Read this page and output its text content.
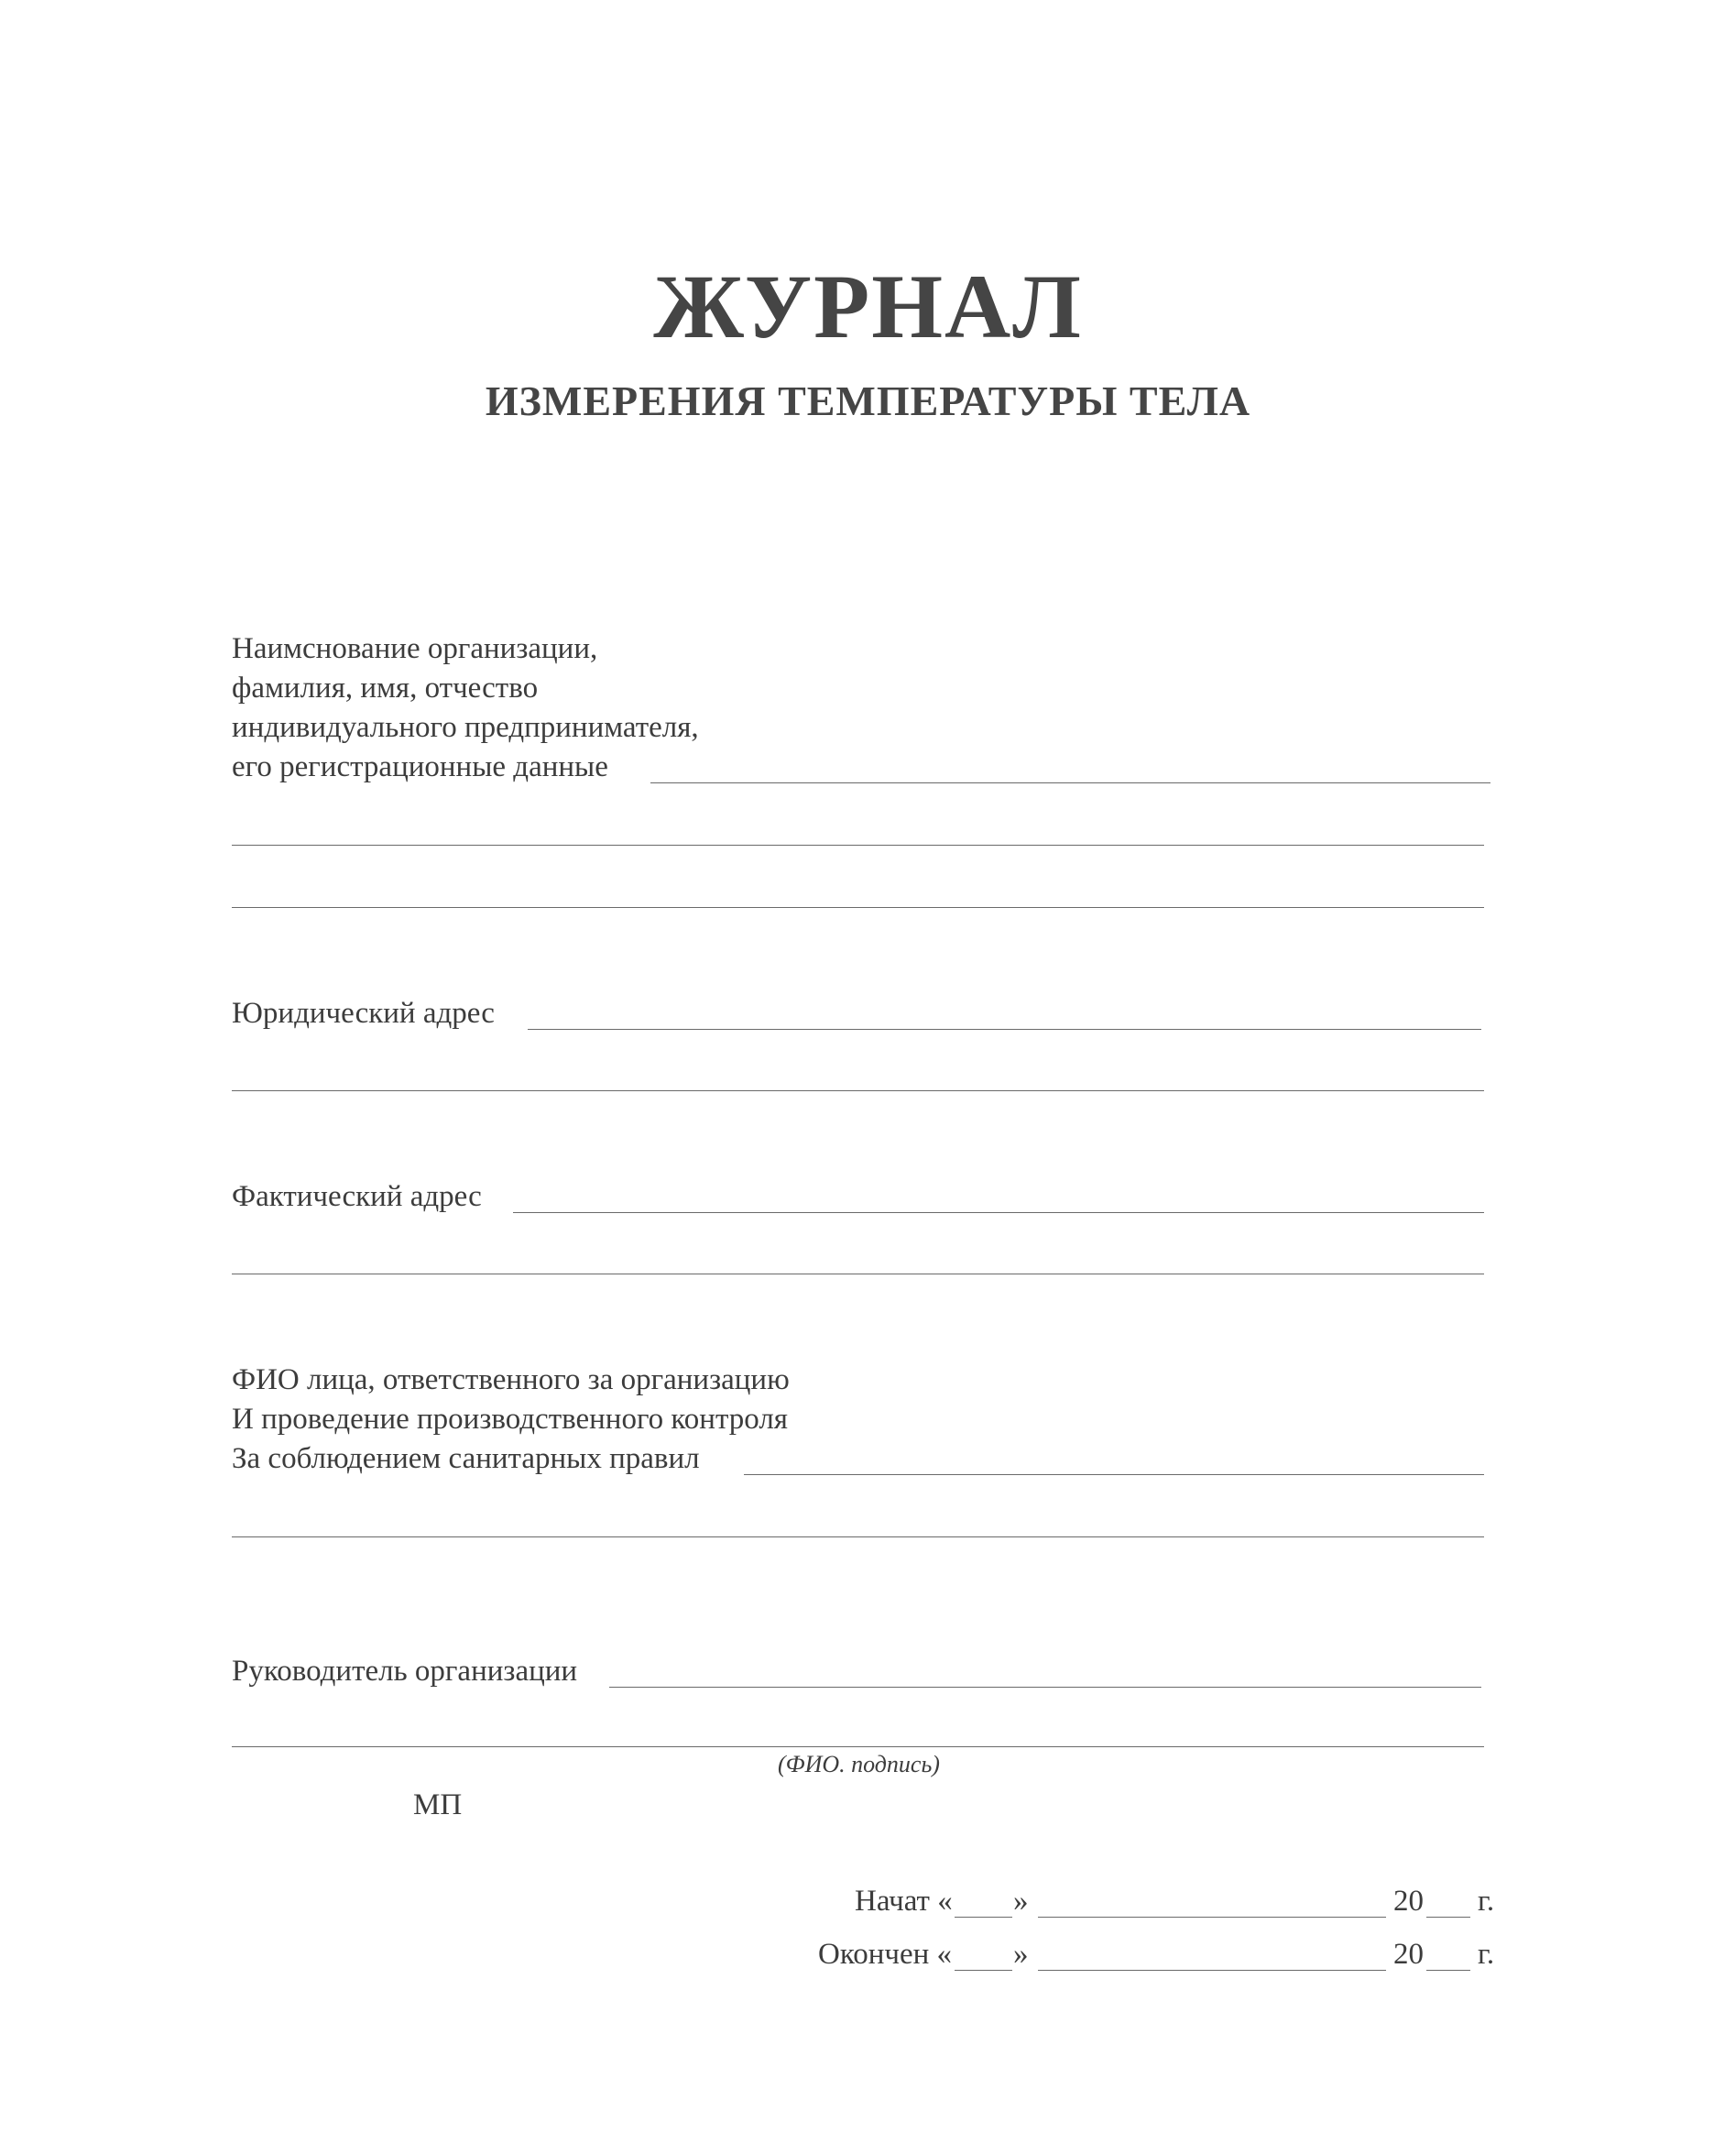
ЖУРНАЛ
ИЗМЕРЕНИЯ ТЕМПЕРАТУРЫ ТЕЛА
Наимснование организации,
фамилия, имя, отчество
индивидуального предпринимателя,
его регистрационные данные
Юридический адрес
Фактический адрес
ФИО лица, ответственного за организацию
И проведение производственного контроля
За соблюдением санитарных правил
Руководитель организации
(ФИО. подпись)
МП
Начат « »	20 г.
Окончен « »	20 г.
